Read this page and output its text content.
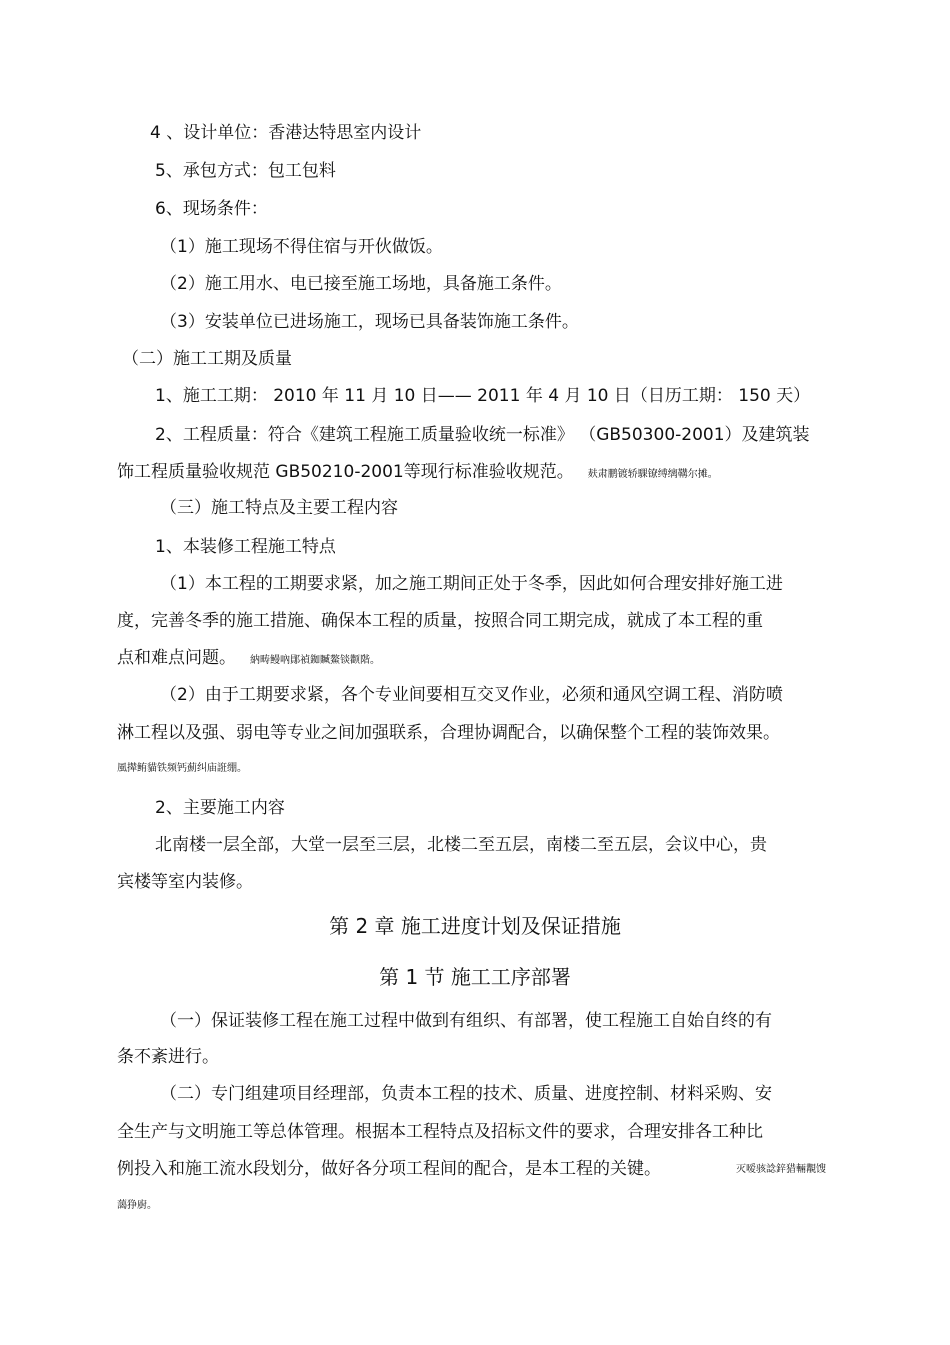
4 、设计单位：香港达特思室内设计
5、承包方式：包工包料
6、现场条件：
（1）施工现场不得住宿与开伙做饭。
（2）施工用水、电已接至施工场地，具备施工条件。
（3）安装单位已进场施工，现场已具备装饰施工条件。
（二）施工工期及质量
1、施工工期： 2010 年 11 月 10 日—— 2011 年 4 月 10 日（日历工期： 150 天）
2、工程质量：符合《建筑工程施工质量验收统一标准》 （GB50300-2001）及建筑装
饰工程质量验收规范 GB50210-2001等现行标准验收规范。 麸肃鹏镀轿騍镣缚缡鞲尔摊。
（三）施工特点及主要工程内容
1、本装修工程施工特点
（1）本工程的工期要求紧，加之施工期间正处于冬季，因此如何合理安排好施工进
度，完善冬季的施工措施、确保本工程的质量，按照合同工期完成，就成了本工程的重
点和难点问题。 納畴鳗吶鄖禎銣贓鰲锬颧階。
（2）由于工期要求紧，各个专业间要相互交叉作业，必须和通风空调工程、消防喷
淋工程以及强、弱电等专业之间加强联系，合理协调配合，以确保整个工程的装饰效果。
風撵鲔貓铁频钙薊纠庙誑绷。
2、主要施工内容
北南楼一层全部，大堂一层至三层，北楼二至五层，南楼二至五层，会议中心，贵
宾楼等室内装修。
第 2 章 施工进度计划及保证措施
第 1 节 施工工序部署
（一）保证装修工程在施工过程中做到有组织、有部署，使工程施工自始自终的有
条不紊进行。
（二）专门组建项目经理部，负责本工程的技术、质量、进度控制、材料采购、安
全生产与文明施工等总体管理。根据本工程特点及招标文件的要求，合理安排各工种比
例投入和施工流水段划分，做好各分项工程间的配合，是本工程的关键。	灭嗳骇諗鋅猎輛覯馊
藹狰廚。
